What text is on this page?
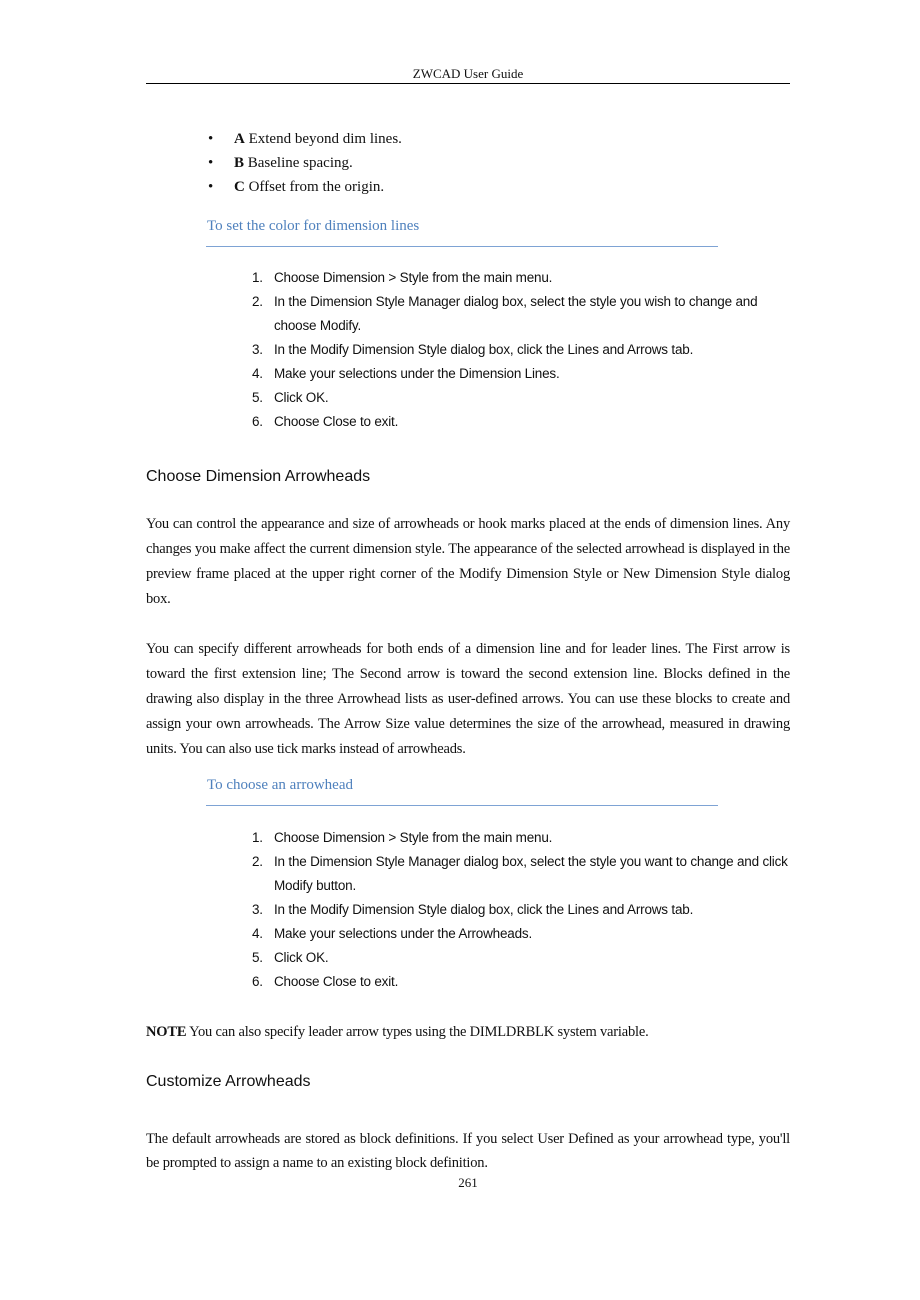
ZWCAD User Guide
• A Extend beyond dim lines.
• B Baseline spacing.
• C Offset from the origin.
To set the color for dimension lines
1. Choose Dimension > Style from the main menu.
2. In the Dimension Style Manager dialog box, select the style you wish to change and choose Modify.
3. In the Modify Dimension Style dialog box, click the Lines and Arrows tab.
4. Make your selections under the Dimension Lines.
5. Click OK.
6. Choose Close to exit.
Choose Dimension Arrowheads

You can control the appearance and size of arrowheads or hook marks placed at the ends of dimension lines. Any changes you make affect the current dimension style. The appearance of the selected arrowhead is displayed in the preview frame placed at the upper right corner of the Modify Dimension Style or New Dimension Style dialog box.

You can specify different arrowheads for both ends of a dimension line and for leader lines. The First arrow is toward the first extension line; The Second arrow is toward the second extension line. Blocks defined in the drawing also display in the three Arrowhead lists as user-defined arrows. You can use these blocks to create and assign your own arrowheads. The Arrow Size value determines the size of the arrowhead, measured in drawing units. You can also use tick marks instead of arrowheads.

To choose an arrowhead
1. Choose Dimension > Style from the main menu.
2. In the Dimension Style Manager dialog box, select the style you want to change and click Modify button.
3. In the Modify Dimension Style dialog box, click the Lines and Arrows tab.
4. Make your selections under the Arrowheads.
5. Click OK.
6. Choose Close to exit.

NOTE You can also specify leader arrow types using the DIMLDRBLK system variable.

Customize Arrowheads

The default arrowheads are stored as block definitions. If you select User Defined as your arrowhead type, you'll be prompted to assign a name to an existing block definition.

261
